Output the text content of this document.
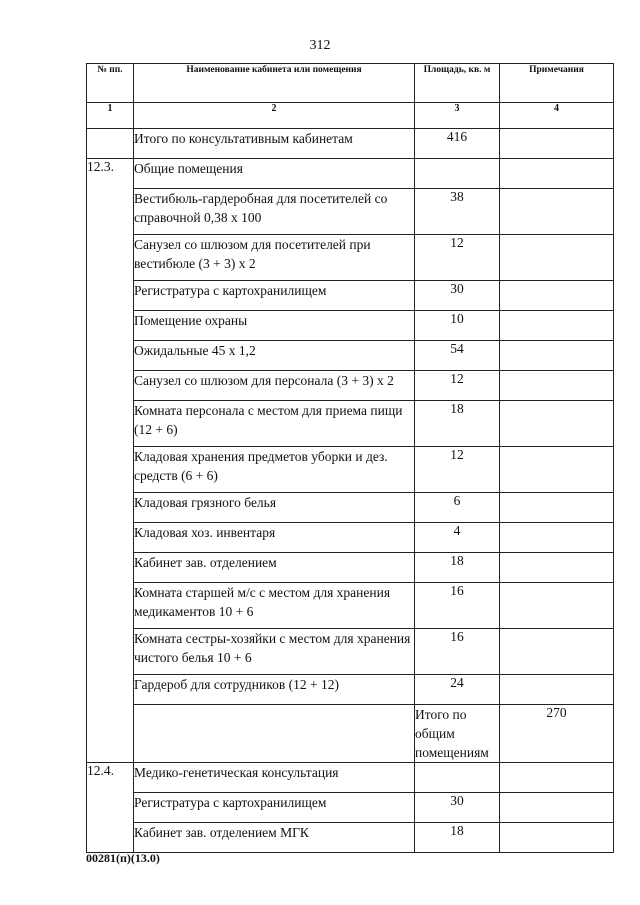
312
№ пп.	Наименование кабинета или помещения	Площадь, кв. м	Примечания	
1	2	3	4	
	Итого по консультативным кабинетам	416		
12.3.	Общие помещения			
	Вестибюль-гардеробная для посетителей со справочной 0,38 х 100	38		
	Санузел со шлюзом для посетителей при вестибюле (3 + 3) х 2	12		
	Регистратура с картохранилищем	30		
	Помещение охраны	10		
	Ожидальные 45 х 1,2	54		
	Санузел со шлюзом для персонала (3 + 3) х 2	12		
	Комната персонала с местом для приема пищи (12 + 6)	18		
	Кладовая хранения предметов уборки и дез. средств (6 + 6)	12		
	Кладовая грязного белья	6		
	Кладовая хоз. инвентаря	4		
	Кабинет зав. отделением	18		
	Комната старшей м/с с местом для хранения медикаментов 10 + 6	16		
	Комната сестры-хозяйки с местом для хранения чистого белья 10 + 6	16		
	Гардероб для сотрудников (12 + 12)	24		
		Итого по общим помещениям	270	
12.4.	Медико-генетическая консультация			
	Регистратура с картохранилищем	30		
	Кабинет зав. отделением МГК	18		
00281(п)(13.0)
